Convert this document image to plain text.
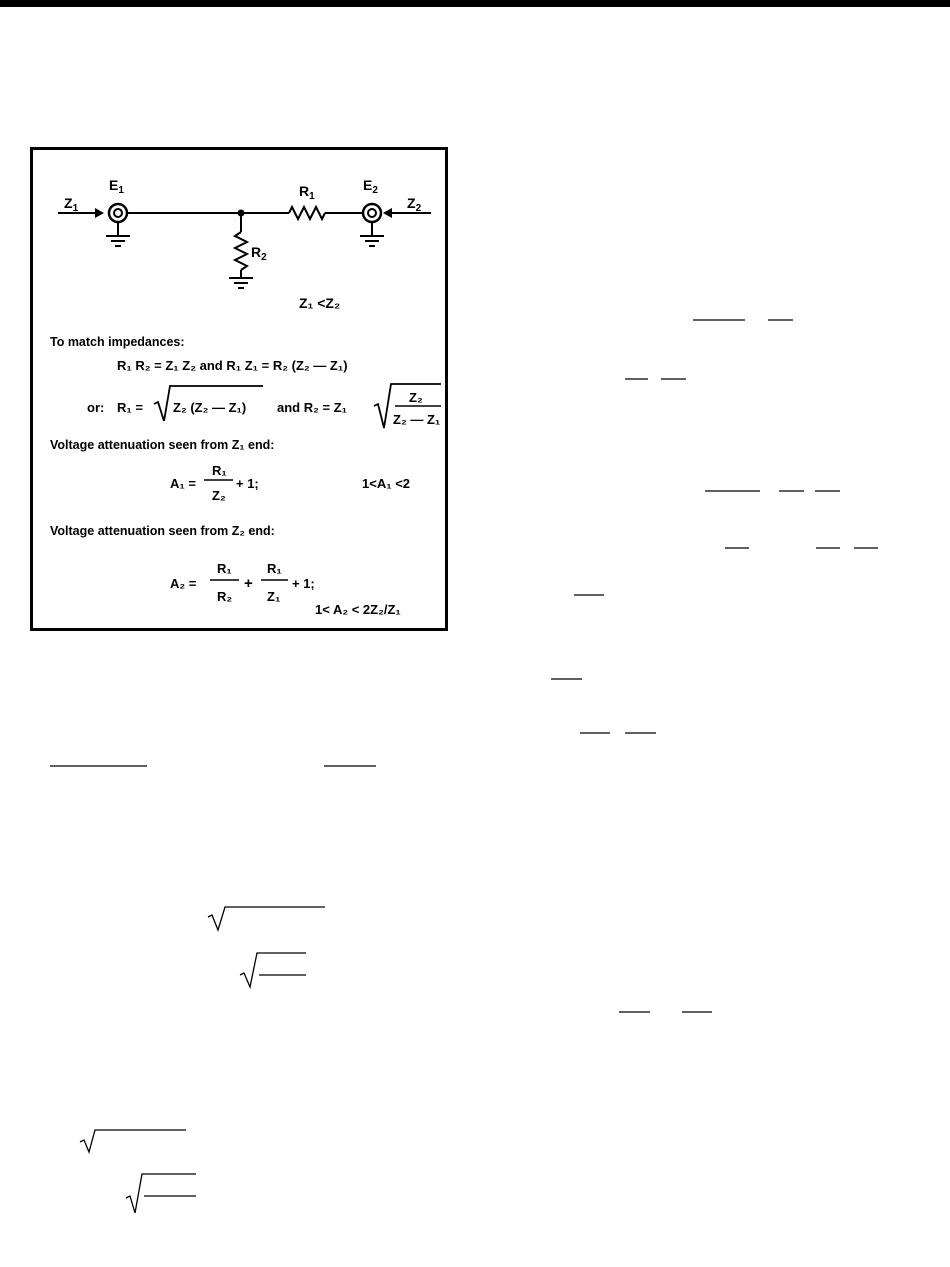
$Z_1$
$E_1$	$R_1$
$R_2$
$E_2$
$Z_2$
Z₁ <Z₂
To match impedances:
R₁ R₂ = Z₁ Z₂ and R₁ Z₁ = R₂ (Z₂ — Z₁)
or: R₁ = Z₂ (Z₂ — Z₁) and R₂ = Z₁
Z₂
Z₂ — Z₁
Voltage attenuation seen from Z₁ end:
A₁ =
R₁
Z₂
+ 1;	1<A₁ <2
Voltage attenuation seen from Z₂ end:
A₂ =
R₁
R₂
+
R₁
Z₁
+ 1;
1< A₂ < 2Z₂/Z₁
